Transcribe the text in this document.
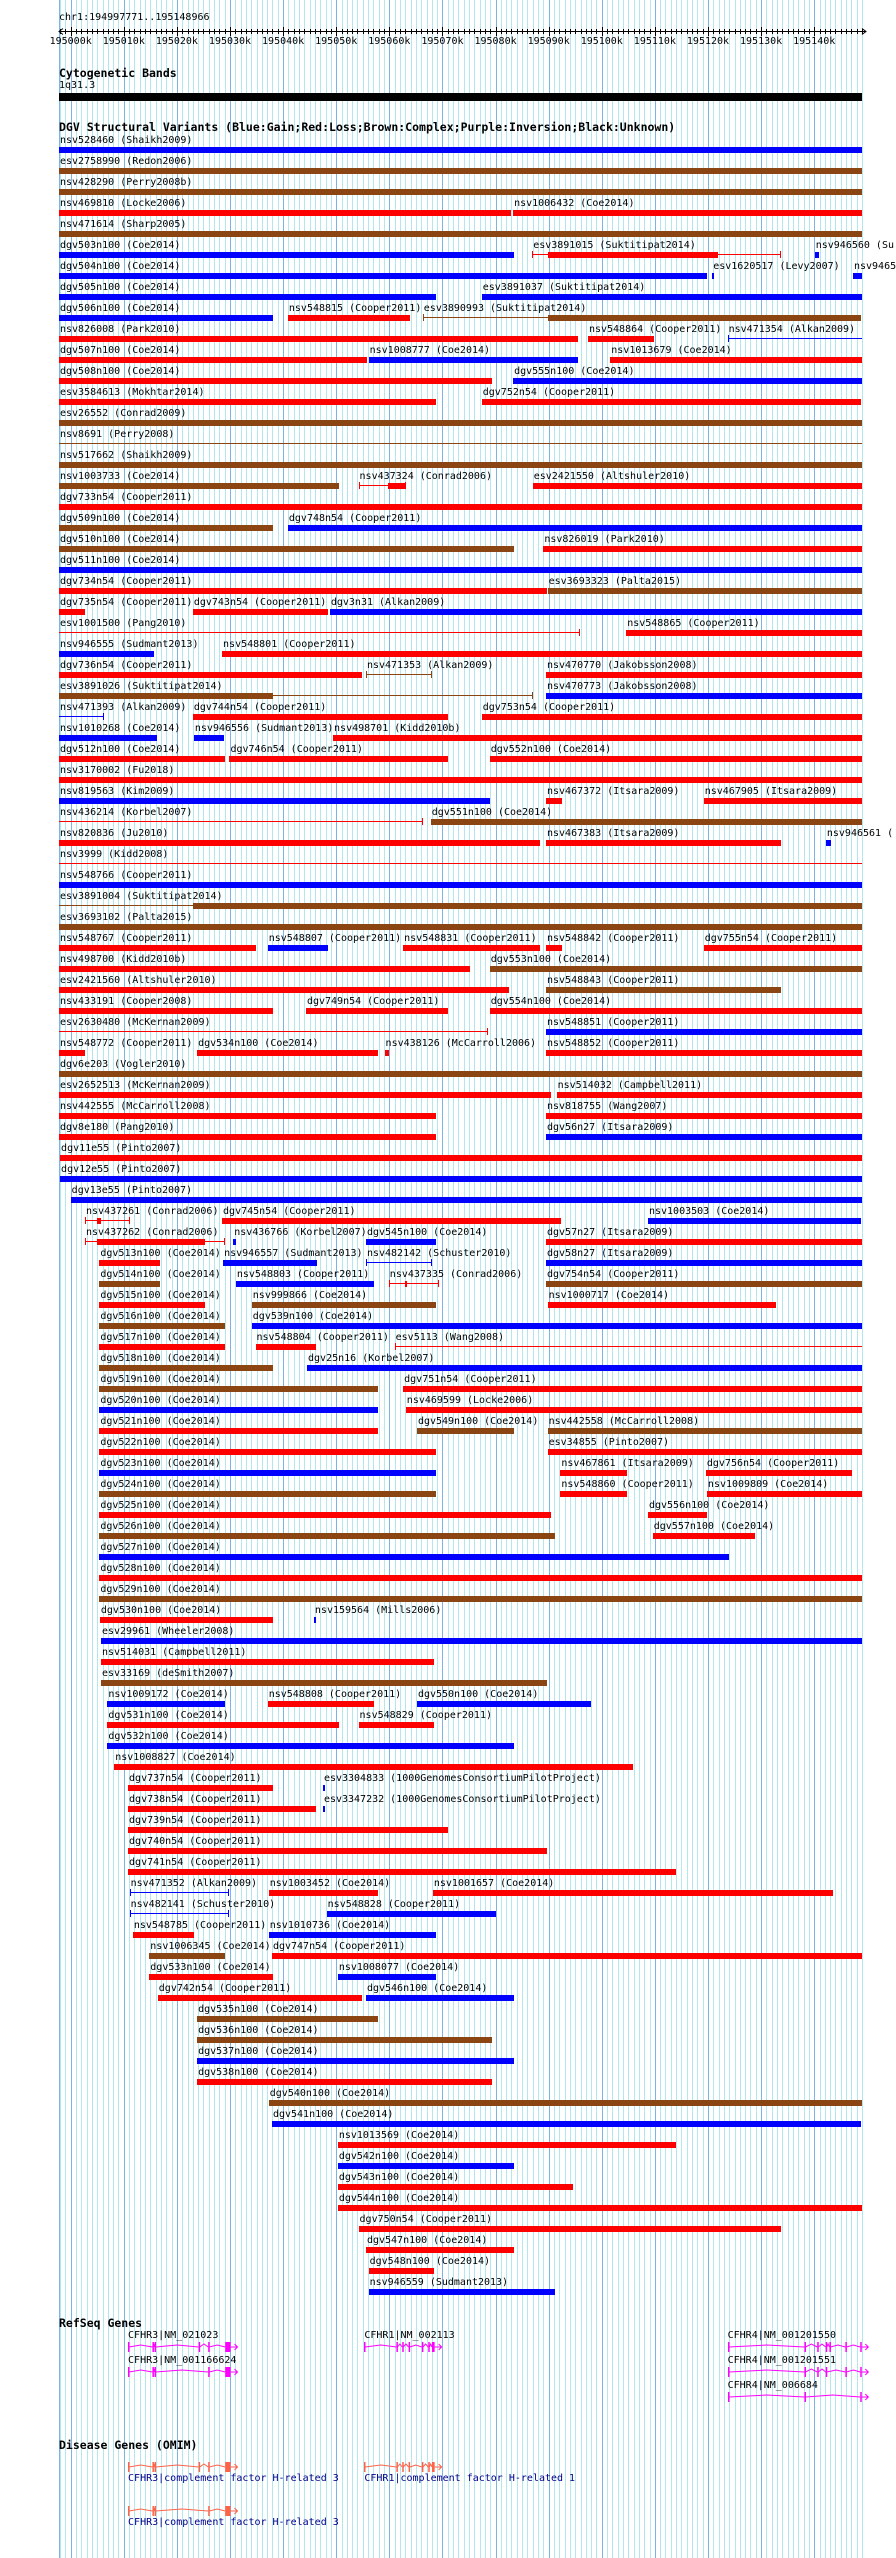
chr1:194997771..195148966
195000k 195010k 195020k 195030k 195040k 195050k 195060k 195070k 195080k 195090k 195100k 195110k 195120k 195130k 195140k
Cytogenetic Bands
1q31.3
DGV Structural Variants (Blue:Gain;Red:Loss;Brown:Complex;Purple:Inversion;Black:Unknown)
nsv528460 (Shaikh2009)
esv2758990 (Redon2006)
nsv428290 (Perry2008b)
nsv469810 (Locke2006)	nsv1006432 (Coe2014)
nsv471614 (Sharp2005)
dgv503n100 (Coe2014)	esv3891015 (Suktitipat2014)	nsv946560 (Su
dgv504n100 (Coe2014)	esv1620517 (Levy2007) nsv9465
dgv505n100 (Coe2014)	esv3891037 (Suktitipat2014)
dgv506n100 (Coe2014)	nsv548815 (Cooper2011) esv3890993 (Suktitipat2014)
nsv826008 (Park2010)	nsv548864 (Cooper2011) nsv471354 (Alkan2009)
dgv507n100 (Coe2014)	nsv1008777 (Coe2014)	nsv1013679 (Coe2014)
dgv508n100 (Coe2014)	dgv555n100 (Coe2014)
esv3584613 (Mokhtar2014)	dgv752n54 (Cooper2011)
esv26552 (Conrad2009)
nsv8691 (Perry2008)
nsv517662 (Shaikh2009)
nsv1003733 (Coe2014)	nsv437324 (Conrad2006)	esv2421550 (Altshuler2010)
dgv733n54 (Cooper2011)
dgv509n100 (Coe2014)	dgv748n54 (Cooper2011)
dgv510n100 (Coe2014)	nsv826019 (Park2010)
dgv511n100 (Coe2014)
dgv734n54 (Cooper2011)	esv3693323 (Palta2015)
dgv735n54 (Cooper2011) dgv743n54 (Cooper2011) dgv3n31 (Alkan2009)
esv1001500 (Pang2010)	nsv548865 (Cooper2011)
nsv946555 (Sudmant2013) nsv548801 (Cooper2011)
dgv736n54 (Cooper2011)	nsv471353 (Alkan2009)	nsv470770 (Jakobsson2008)
esv3891026 (Suktitipat2014)	nsv470773 (Jakobsson2008)
nsv471393 (Alkan2009) dgv744n54 (Cooper2011)	dgv753n54 (Cooper2011)
nsv1010268 (Coe2014) nsv946556 (Sudmant2013) nsv498701 (Kidd2010b)
dgv512n100 (Coe2014)	dgv746n54 (Cooper2011)	dgv552n100 (Coe2014)
nsv3170002 (Fu2018)
nsv819563 (Kim2009)	nsv467372 (Itsara2009)	nsv467905 (Itsara2009)
nsv436214 (Korbel2007)	dgv551n100 (Coe2014)
nsv820836 (Ju2010)	nsv467383 (Itsara2009)	nsv946561 (
nsv3999 (Kidd2008)
nsv548766 (Cooper2011)
esv3891004 (Suktitipat2014)
esv3693102 (Palta2015)
nsv548767 (Cooper2011)	nsv548807 (Cooper2011) nsv548831 (Cooper2011) nsv548842 (Cooper2011)	dgv755n54 (Cooper2011)
nsv498700 (Kidd2010b)	dgv553n100 (Coe2014)
esv2421560 (Altshuler2010)	nsv548843 (Cooper2011)
nsv433191 (Cooper2008)	dgv749n54 (Cooper2011)	dgv554n100 (Coe2014)
esv2630480 (McKernan2009)	nsv548851 (Cooper2011)
nsv548772 (Cooper2011) dgv534n100 (Coe2014)	nsv438126 (McCarroll2006) nsv548852 (Cooper2011)
dgv6e203 (Vogler2010)
esv2652513 (McKernan2009)	nsv514032 (Campbell2011)
nsv442555 (McCarroll2008)	nsv818755 (Wang2007)
dgv8e180 (Pang2010)	dgv56n27 (Itsara2009)
dgv11e55 (Pinto2007)
dgv12e55 (Pinto2007)
dgv13e55 (Pinto2007)
nsv437261 (Conrad2006) dgv745n54 (Cooper2011)	nsv1003503 (Coe2014)
nsv437262 (Conrad2006) nsv436766 (Korbel2007) dgv545n100 (Coe2014)	dgv57n27 (Itsara2009)
dgv513n100 (Coe2014) nsv946557 (Sudmant2013) nsv482142 (Schuster2010)	dgv58n27 (Itsara2009)
dgv514n100 (Coe2014) nsv548803 (Cooper2011) nsv437335 (Conrad2006) dgv754n54 (Cooper2011)
dgv515n100 (Coe2014)	nsv999866 (Coe2014)	nsv1000717 (Coe2014)
dgv516n100 (Coe2014)	dgv539n100 (Coe2014)
dgv517n100 (Coe2014)	nsv548804 (Cooper2011) esv5113 (Wang2008)
dgv518n100 (Coe2014)	dgv25n16 (Korbel2007)
dgv519n100 (Coe2014)	dgv751n54 (Cooper2011)
dgv520n100 (Coe2014)	nsv469599 (Locke2006)
dgv521n100 (Coe2014)	dgv549n100 (Coe2014) nsv442558 (McCarroll2008)
dgv522n100 (Coe2014)	esv34855 (Pinto2007)
dgv523n100 (Coe2014)	nsv467861 (Itsara2009) dgv756n54 (Cooper2011)
dgv524n100 (Coe2014)	nsv548860 (Cooper2011) nsv1009809 (Coe2014)
dgv525n100 (Coe2014)	dgv556n100 (Coe2014)
dgv526n100 (Coe2014)	dgv557n100 (Coe2014)
dgv527n100 (Coe2014)
dgv528n100 (Coe2014)
dgv529n100 (Coe2014)
dgv530n100 (Coe2014)	nsv159564 (Mills2006)
esv29961 (Wheeler2008)
nsv514031 (Campbell2011)
esv33169 (deSmith2007)
nsv1009172 (Coe2014)	nsv548808 (Cooper2011) dgv550n100 (Coe2014)
dgv531n100 (Coe2014)	nsv548829 (Cooper2011)
dgv532n100 (Coe2014)
nsv1008827 (Coe2014)
dgv737n54 (Cooper2011)	esv3304833 (1000GenomesConsortiumPilotProject)
dgv738n54 (Cooper2011)	esv3347232 (1000GenomesConsortiumPilotProject)
dgv739n54 (Cooper2011)
dgv740n54 (Cooper2011)
dgv741n54 (Cooper2011)
nsv471352 (Alkan2009) nsv1003452 (Coe2014)	nsv1001657 (Coe2014)
nsv482141 (Schuster2010)	nsv548828 (Cooper2011)
nsv548785 (Cooper2011) nsv1010736 (Coe2014)
nsv1006345 (Coe2014) dgv747n54 (Cooper2011)
dgv533n100 (Coe2014)	nsv1008077 (Coe2014)
dgv742n54 (Cooper2011)	dgv546n100 (Coe2014)
dgv535n100 (Coe2014)
dgv536n100 (Coe2014)
dgv537n100 (Coe2014)
dgv538n100 (Coe2014)
dgv540n100 (Coe2014)
dgv541n100 (Coe2014)
nsv1013569 (Coe2014)
dgv542n100 (Coe2014)
dgv543n100 (Coe2014)
dgv544n100 (Coe2014)
dgv750n54 (Cooper2011)
dgv547n100 (Coe2014)
dgv548n100 (Coe2014)
nsv946559 (Sudmant2013)
RefSeq Genes
CFHR3|NM_021023
CFHR3|NM_001166624
CFHR1|NM_002113	CFHR4|NM_001201550
CFHR4|NM_001201551
CFHR4|NM_006684
Disease Genes (OMIM)
CFHR3|complement factor H-related 3	CFHR1|complement factor H-related 1
CFHR3|complement factor H-related 3
